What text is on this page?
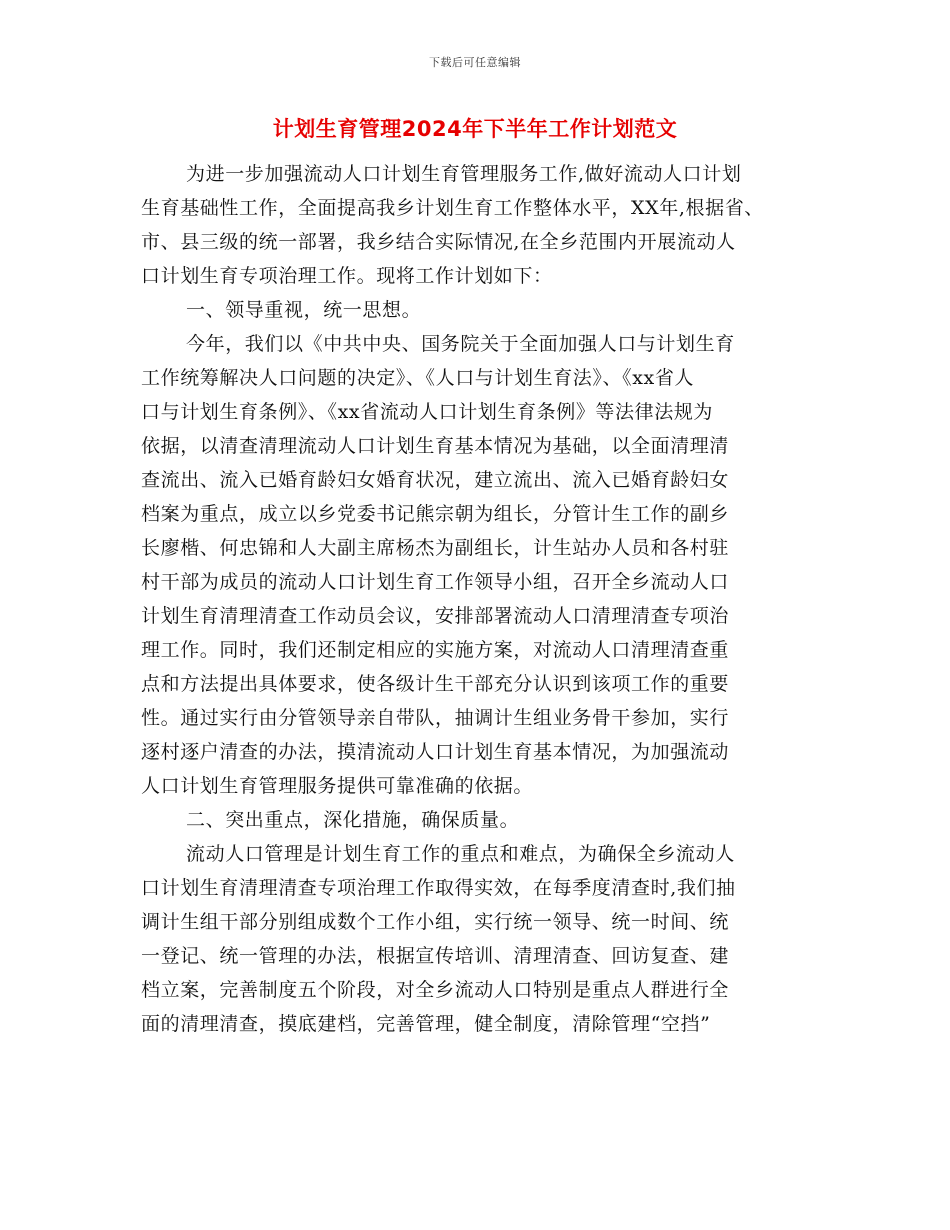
下载后可任意编辑
计划生育管理2024年下半年工作计划范文
为进一步加强流动人口计划生育管理服务工作,做好流动人口计划
生育基础性工作，全面提高我乡计划生育工作整体水平，XX年,根据省、
市、县三级的统一部署，我乡结合实际情况,在全乡范围内开展流动人
口计划生育专项治理工作。现将工作计划如下：
一、领导重视，统一思想。
今年，我们以《中共中央、国务院关于全面加强人口与计划生育
工作统筹解决人口问题的决定》、《人口与计划生育法》、《xx省人
口与计划生育条例》、《xx省流动人口计划生育条例》等法律法规为
依据，以清查清理流动人口计划生育基本情况为基础，以全面清理清
查流出、流入已婚育龄妇女婚育状况，建立流出、流入已婚育龄妇女
档案为重点，成立以乡党委书记熊宗朝为组长，分管计生工作的副乡
长廖楷、何忠锦和人大副主席杨杰为副组长，计生站办人员和各村驻
村干部为成员的流动人口计划生育工作领导小组，召开全乡流动人口
计划生育清理清查工作动员会议，安排部署流动人口清理清查专项治
理工作。同时，我们还制定相应的实施方案，对流动人口清理清查重
点和方法提出具体要求，使各级计生干部充分认识到该项工作的重要
性。通过实行由分管领导亲自带队，抽调计生组业务骨干参加，实行
逐村逐户清查的办法，摸清流动人口计划生育基本情况，为加强流动
人口计划生育管理服务提供可靠准确的依据。
二、突出重点，深化措施，确保质量。
流动人口管理是计划生育工作的重点和难点，为确保全乡流动人
口计划生育清理清查专项治理工作取得实效，在每季度清查时,我们抽
调计生组干部分别组成数个工作小组，实行统一领导、统一时间、统
一登记、统一管理的办法，根据宣传培训、清理清查、回访复查、建
档立案，完善制度五个阶段，对全乡流动人口特别是重点人群进行全
面的清理清查，摸底建档，完善管理，健全制度，清除管理“空挡”
